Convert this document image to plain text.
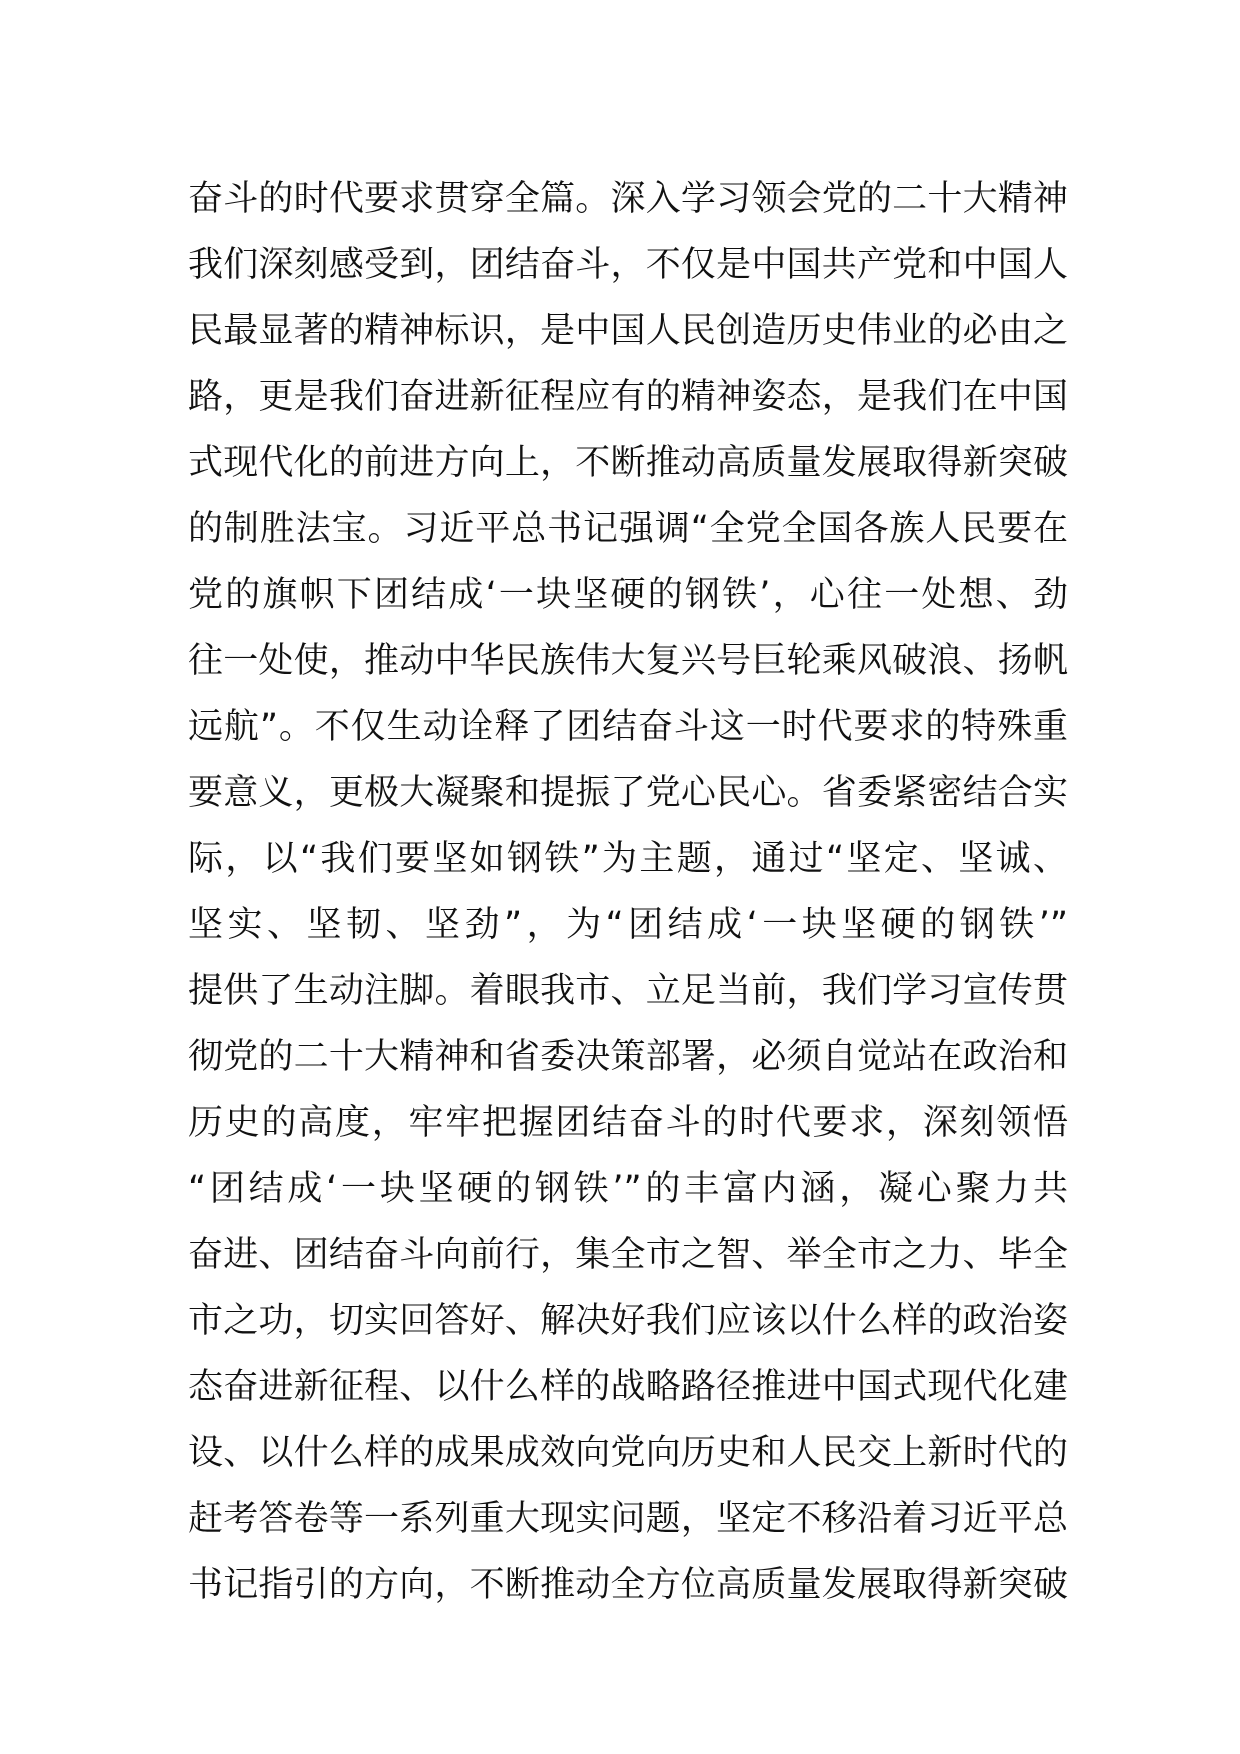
奋斗的时代要求贯穿全篇。深入学习领会党的二十大精神
我们深刻感受到，团结奋斗，不仅是中国共产党和中国人
民最显著的精神标识，是中国人民创造历史伟业的必由之
路，更是我们奋进新征程应有的精神姿态，是我们在中国
式现代化的前进方向上，不断推动高质量发展取得新突破
的制胜法宝。习近平总书记强调“全党全国各族人民要在
党的旗帜下团结成‘一块坚硬的钢铁’，心往一处想、劲
往一处使，推动中华民族伟大复兴号巨轮乘风破浪、扬帆
远航”。不仅生动诠释了团结奋斗这一时代要求的特殊重
要意义，更极大凝聚和提振了党心民心。省委紧密结合实
际，以“我们要坚如钢铁”为主题，通过“坚定、坚诚、
坚实、坚韧、坚劲”，为“团结成‘一块坚硬的钢铁’”
提供了生动注脚。着眼我市、立足当前，我们学习宣传贯
彻党的二十大精神和省委决策部署，必须自觉站在政治和
历史的高度，牢牢把握团结奋斗的时代要求，深刻领悟
“团结成‘一块坚硬的钢铁’”的丰富内涵，凝心聚力共
奋进、团结奋斗向前行，集全市之智、举全市之力、毕全
市之功，切实回答好、解决好我们应该以什么样的政治姿
态奋进新征程、以什么样的战略路径推进中国式现代化建
设、以什么样的成果成效向党向历史和人民交上新时代的
赶考答卷等一系列重大现实问题，坚定不移沿着习近平总
书记指引的方向，不断推动全方位高质量发展取得新突破
